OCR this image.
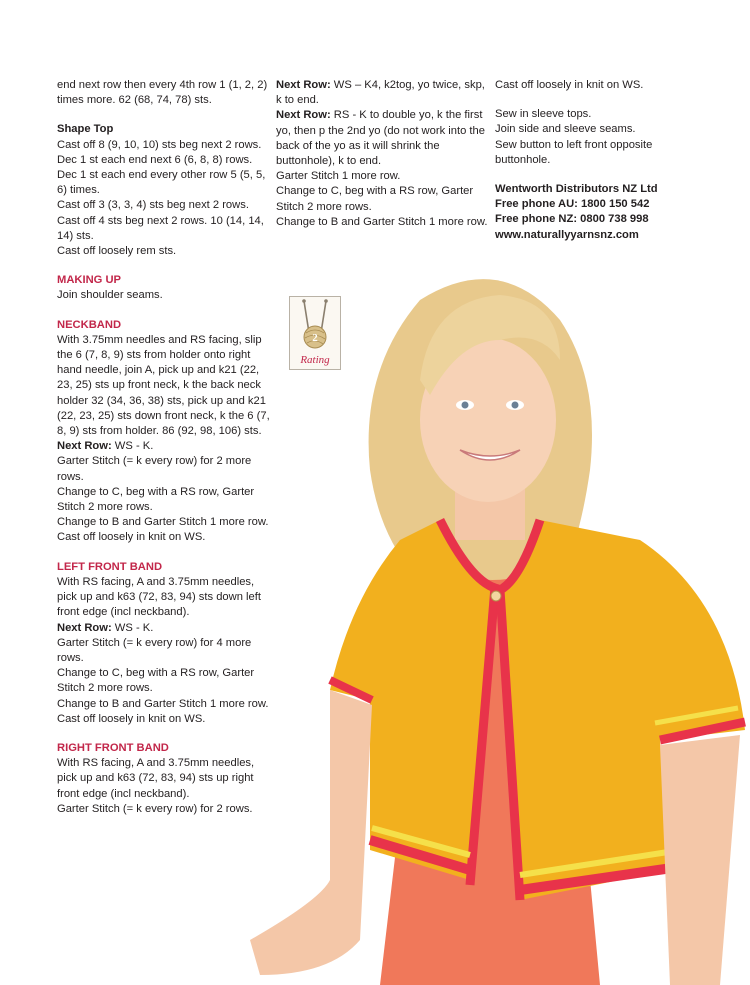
end next row then every 4th row 1 (1, 2, 2) times more. 62 (68, 74, 78) sts.

Shape Top

Cast off 8 (9, 10, 10) sts beg next 2 rows.

Dec 1 st each end next 6 (6, 8, 8) rows.

Dec 1 st each end every other row 5 (5, 5, 6) times.

Cast off 3 (3, 3, 4) sts beg next 2 rows.

Cast off 4 sts beg next 2 rows. 10 (14, 14, 14) sts.

Cast off loosely rem sts.

MAKING UP

Join shoulder seams.

NECKBAND

With 3.75mm needles and RS facing, slip the 6 (7, 8, 9) sts from holder onto right hand needle, join A, pick up and k21 (22, 23, 25) sts up front neck, k the back neck holder 32 (34, 36, 38) sts, pick up and k21 (22, 23, 25) sts down front neck, k the 6 (7, 8, 9) sts from holder. 86 (92, 98, 106) sts.

Next Row: WS - K.

Garter Stitch (= k every row) for 2 more rows.

Change to C, beg with a RS row, Garter Stitch 2 more rows.

Change to B and Garter Stitch 1 more row.

Cast off loosely in knit on WS.

LEFT FRONT BAND

With RS facing, A and 3.75mm needles, pick up and k63 (72, 83, 94) sts down left front edge (incl neckband).

Next Row: WS - K.

Garter Stitch (= k every row) for 4 more rows.

Change to C, beg with a RS row, Garter Stitch 2 more rows.

Change to B and Garter Stitch 1 more row.

Cast off loosely in knit on WS.

RIGHT FRONT BAND

With RS facing, A and 3.75mm needles, pick up and k63 (72, 83, 94) sts up right front edge (incl neckband).

Garter Stitch (= k every row) for 2 rows.

Next Row: WS – K4, k2tog, yo twice, skp, k to end.

Next Row: RS - K to double yo, k the first yo, then p the 2nd yo (do not work into the back of the yo as it will shrink the buttonhole), k to end.

Garter Stitch 1 more row.

Change to C, beg with a RS row, Garter Stitch 2 more rows.

Change to B and Garter Stitch 1 more row.

Cast off loosely in knit on WS.

Sew in sleeve tops.

Join side and sleeve seams.

Sew button to left front opposite buttonhole.

Wentworth Distributors NZ Ltd

Free phone AU: 1800 150 542

Free phone NZ: 0800 738 998

www.naturallyyarnsnz.com

2
Rating
